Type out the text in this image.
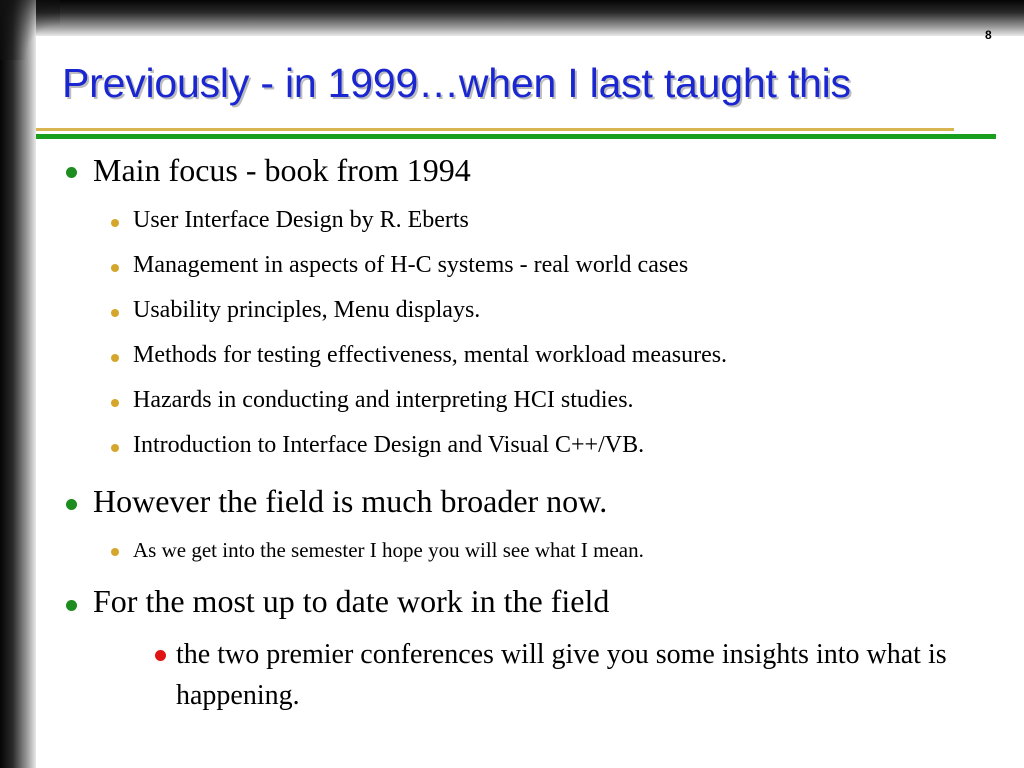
8
Previously - in 1999…when I last taught this
Main focus - book from 1994
User Interface Design by R. Eberts
Management in aspects of H-C systems - real world cases
Usability principles, Menu displays.
Methods for testing effectiveness, mental workload measures.
Hazards in conducting and interpreting HCI studies.
Introduction to Interface Design and Visual C++/VB.
However the field is much broader now.
As we get into the semester I hope you will see what I mean.
For the most up to date work in the field
the two premier conferences will give you some insights into what is happening.
